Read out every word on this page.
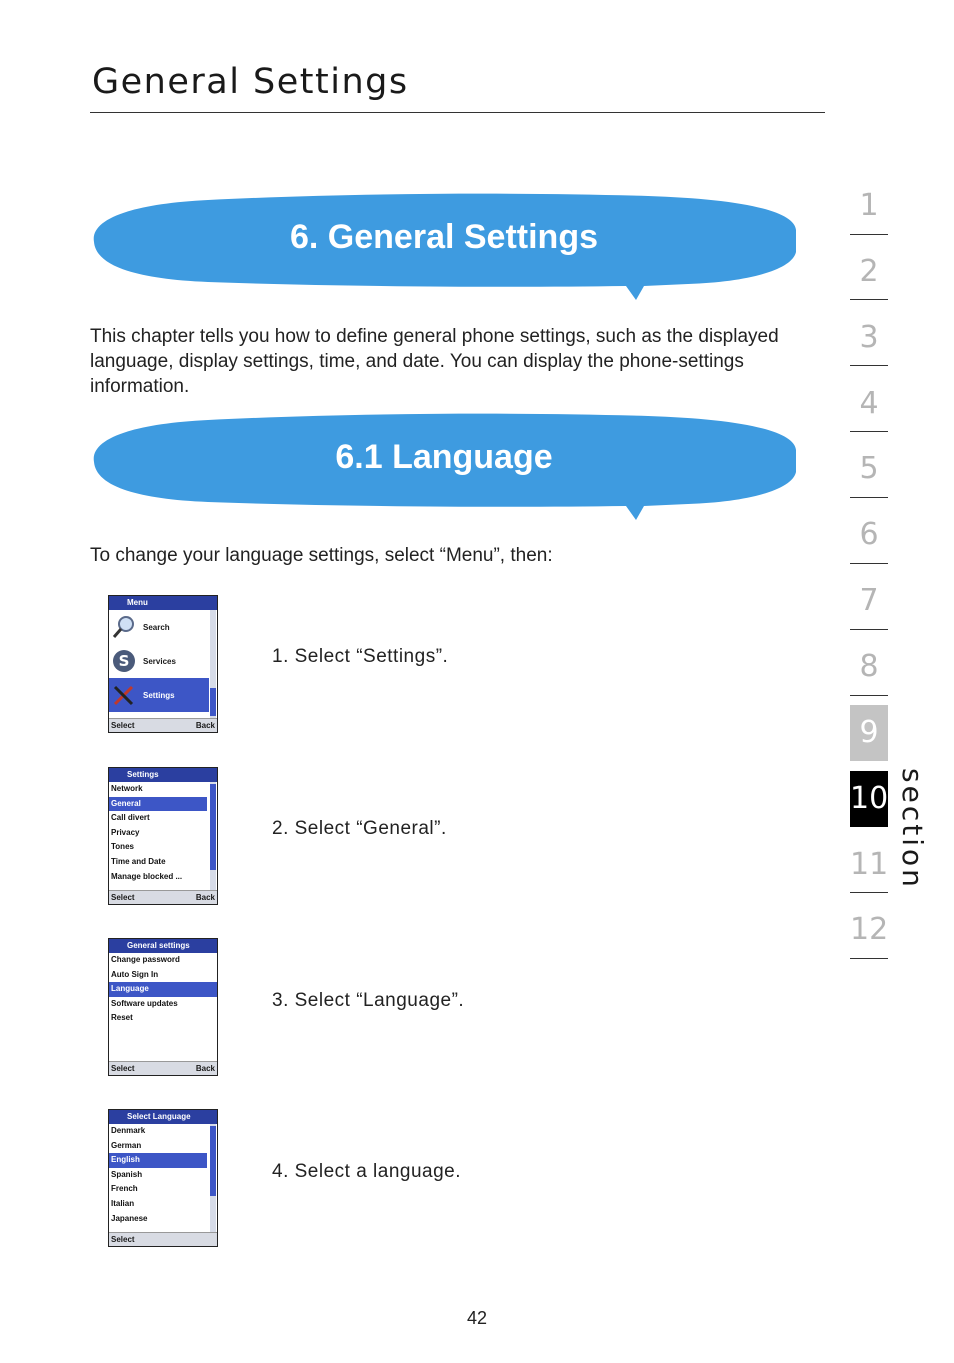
General Settings
6. General Settings
This chapter tells you how to define general phone settings, such as the displayed language, display settings, time, and date. You can display the phone-settings information.
6.1 Language
To change your language settings, select “Menu”, then:
Menu
Search
S Services
Settings
Select	Back
1. Select “Settings”.
Settings
Network
General
Call divert
Privacy
Tones
Time and Date
Manage blocked ...
Select	Back
2. Select “General”.
General settings
Change password
Auto Sign In
Language
Software updates
Reset
Select	Back
3. Select “Language”.
Select Language
Denmark
German
English
Spanish
French
Italian
Japanese
Select
4. Select a language.
1
2
3
4
5
6
7
8
9
10
11
12
section
42
